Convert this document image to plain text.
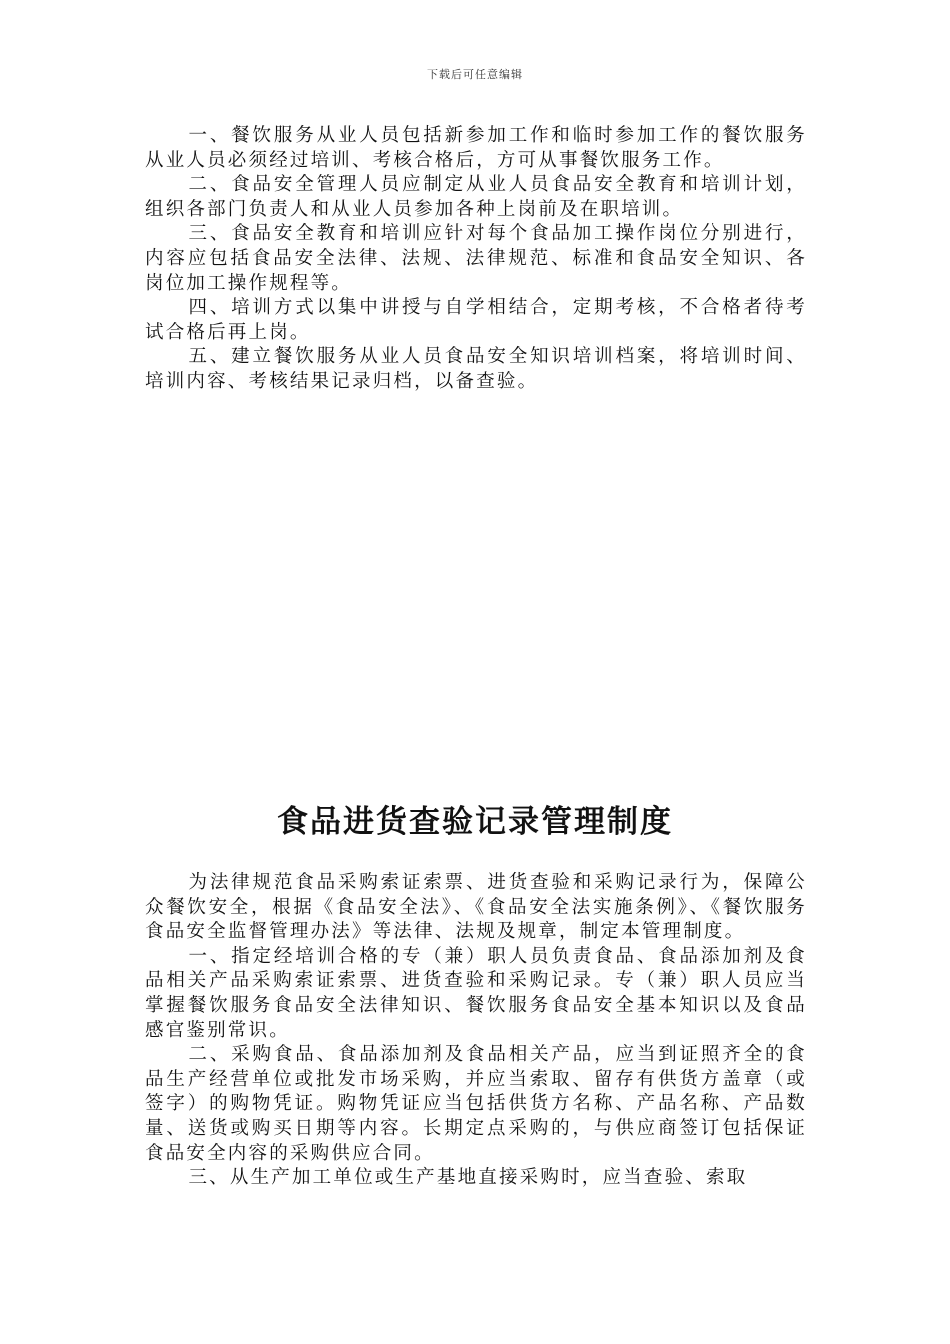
下载后可任意编辑

一、餐饮服务从业人员包括新参加工作和临时参加工作的餐饮服务从业人员必须经过培训、考核合格后，方可从事餐饮服务工作。

二、食品安全管理人员应制定从业人员食品安全教育和培训计划，组织各部门负责人和从业人员参加各种上岗前及在职培训。

三、食品安全教育和培训应针对每个食品加工操作岗位分别进行，内容应包括食品安全法律、法规、法律规范、标准和食品安全知识、各岗位加工操作规程等。

四、培训方式以集中讲授与自学相结合，定期考核，不合格者待考试合格后再上岗。

五、建立餐饮服务从业人员食品安全知识培训档案，将培训时间、培训内容、考核结果记录归档，以备查验。

食品进货查验记录管理制度

为法律规范食品采购索证索票、进货查验和采购记录行为，保障公众餐饮安全，根据《食品安全法》、《食品安全法实施条例》、《餐饮服务食品安全监督管理办法》等法律、法规及规章，制定本管理制度。

一、指定经培训合格的专（兼）职人员负责食品、食品添加剂及食品相关产品采购索证索票、进货查验和采购记录。专（兼）职人员应当掌握餐饮服务食品安全法律知识、餐饮服务食品安全基本知识以及食品感官鉴别常识。

二、采购食品、食品添加剂及食品相关产品，应当到证照齐全的食品生产经营单位或批发市场采购，并应当索取、留存有供货方盖章（或签字）的购物凭证。购物凭证应当包括供货方名称、产品名称、产品数量、送货或购买日期等内容。长期定点采购的，与供应商签订包括保证食品安全内容的采购供应合同。

三、从生产加工单位或生产基地直接采购时，应当查验、索取
